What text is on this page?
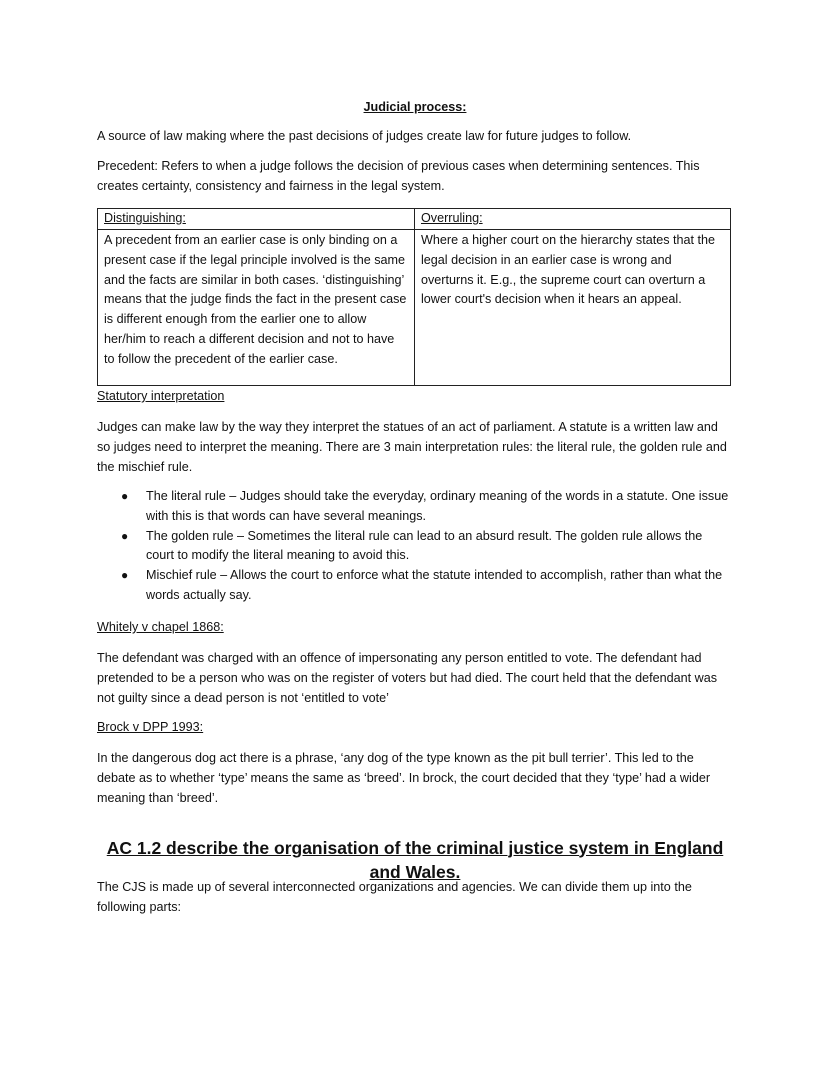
Judicial process:

A source of law making where the past decisions of judges create law for future judges to follow.

Precedent: Refers to when a judge follows the decision of previous cases when determining sentences. This creates certainty, consistency and fairness in the legal system.

Distinguishing:
A precedent from an earlier case is only binding on a present case if the legal principle involved is the same and the facts are similar in both cases. ‘distinguishing’ means that the judge finds the fact in the present case is different enough from the earlier one to allow her/him to reach a different decision and not to have to follow the precedent of the earlier case.
Overruling:
Where a higher court on the hierarchy states that the legal decision in an earlier case is wrong and overturns it. E.g., the supreme court can overturn a lower court's decision when it hears an appeal.

Statutory interpretation

Judges can make law by the way they interpret the statues of an act of parliament. A statute is a written law and so judges need to interpret the meaning. There are 3 main interpretation rules: the literal rule, the golden rule and the mischief rule.

● The literal rule – Judges should take the everyday, ordinary meaning of the words in a statute. One issue with this is that words can have several meanings.
● The golden rule – Sometimes the literal rule can lead to an absurd result. The golden rule allows the court to modify the literal meaning to avoid this.
● Mischief rule – Allows the court to enforce what the statute intended to accomplish, rather than what the words actually say.

Whitely v chapel 1868:

The defendant was charged with an offence of impersonating any person entitled to vote. The defendant had pretended to be a person who was on the register of voters but had died. The court held that the defendant was not guilty since a dead person is not ‘entitled to vote’

Brock v DPP 1993:

In the dangerous dog act there is a phrase, ‘any dog of the type known as the pit bull terrier’. This led to the debate as to whether ‘type’ means the same as ‘breed’. In brock, the court decided that they ‘type’ had a wider meaning than ‘breed’.

AC 1.2 describe the organisation of the criminal justice system in England and Wales.

The CJS is made up of several interconnected organizations and agencies. We can divide them up into the following parts:
